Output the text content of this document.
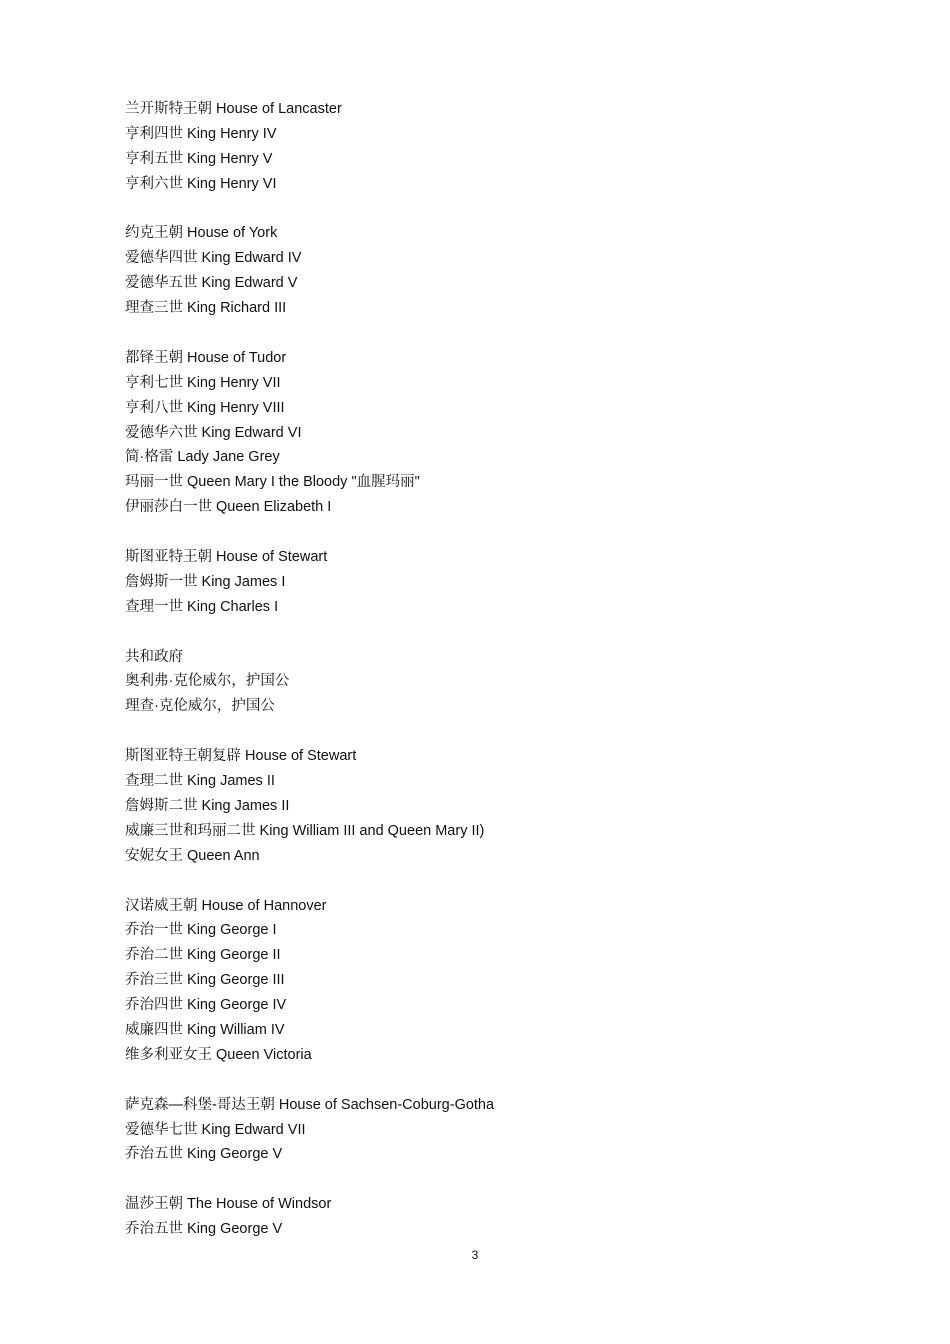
兰开斯特王朝 House of Lancaster
亨利四世 King Henry IV
亨利五世 King Henry V
亨利六世 King Henry VI
约克王朝 House of York
爱德华四世 King Edward IV
爱德华五世 King Edward V
理查三世 King Richard III
都铎王朝 House of Tudor
亨利七世 King Henry VII
亨利八世 King Henry VIII
爱德华六世 King Edward VI
简·格雷 Lady Jane Grey
玛丽一世 Queen Mary I the Bloody "血腥玛丽"
伊丽莎白一世 Queen Elizabeth I
斯图亚特王朝 House of Stewart
詹姆斯一世 King James I
查理一世 King Charles I
共和政府
奥利弗·克伦威尔，护国公
理查·克伦威尔，护国公
斯图亚特王朝复辟 House of Stewart
查理二世 King James II
詹姆斯二世 King James II
威廉三世和玛丽二世 King William III and Queen Mary II)
安妮女王 Queen Ann
汉诺威王朝 House of Hannover
乔治一世 King George I
乔治二世 King George II
乔治三世 King George III
乔治四世 King George IV
威廉四世 King William IV
维多利亚女王 Queen Victoria
萨克森—科堡-哥达王朝 House of Sachsen-Coburg-Gotha
爱德华七世 King Edward VII
乔治五世 King George V
温莎王朝 The House of Windsor
乔治五世 King George V
3
